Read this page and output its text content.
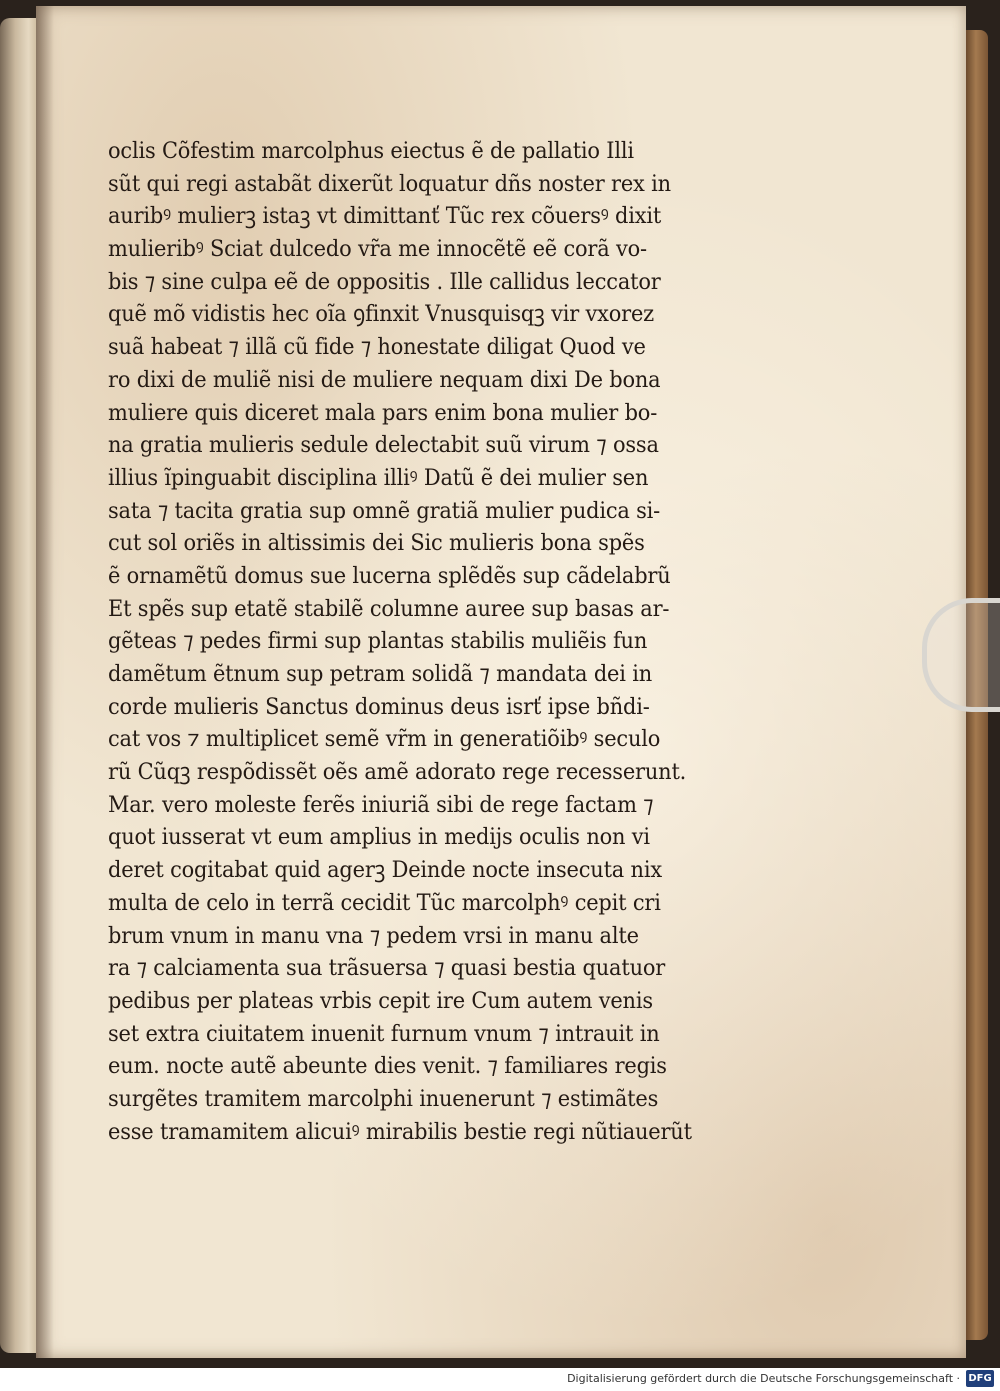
oclis Cõfestim marcolphus eiectus ẽ de pallatio Illi
sũt qui regi astabãt dixerũt loquatur dñs noster rex in
auribꝰ mulierꝫ istaꝫ vt dimittanť Tũc rex cõuersꝰ dixit
mulieribꝰ Sciat dulcedo vr̃a me innocẽtẽ eẽ corã vo-
bis ⁊ sine culpa eẽ de oppositis . Ille callidus leccator
quẽ mõ vidistis hec oĩa ꝯfinxit Vnusquisqꝫ vir vxorez
suã habeat ⁊ illã cũ fide ⁊ honestate diligat Quod ve
ro dixi de muliẽ nisi de muliere nequam dixi De bona
muliere quis diceret mala pars enim bona mulier bo-
na gratia mulieris sedule delectabit suũ virum ⁊ ossa
illius ĩpinguabit disciplina illiꝰ Datũ ẽ dei mulier sen
sata ⁊ tacita gratia sup omnẽ gratiã mulier pudica si-
cut sol oriẽs in altissimis dei Sic mulieris bona spẽs
ẽ ornamẽtũ domus sue lucerna splẽdẽs sup cãdelabrũ
Et spẽs sup etatẽ stabilẽ columne auree sup basas ar-
gẽteas ⁊ pedes firmi sup plantas stabilis muliẽis fun
damẽtum ẽtnum sup petram solidã ⁊ mandata dei in
corde mulieris Sanctus dominus deus isrť ipse bñdi-
cat vos ⁊ multiplicet semẽ vr̃m in generatiõibꝰ seculo
rũ Cũqꝫ respõdissẽt oẽs amẽ adorato rege recesserunt.
Mar. vero moleste ferẽs iniuriã sibi de rege factam ⁊
quot iusserat vt eum amplius in medijs oculis non vi
deret cogitabat quid agerꝫ Deinde nocte insecuta nix
multa de celo in terrã cecidit Tũc marcolphꝰ cepit cri
brum vnum in manu vna ⁊ pedem vrsi in manu alte
ra ⁊ calciamenta sua trãsuersa ⁊ quasi bestia quatuor
pedibus per plateas vrbis cepit ire Cum autem venis
set extra ciuitatem inuenit furnum vnum ⁊ intrauit in
eum. nocte autẽ abeunte dies venit. ⁊ familiares regis
surgẽtes tramitem marcolphi inuenerunt ⁊ estimãtes
esse tramamitem alicuiꝰ mirabilis bestie regi nũtiauerũt
Digitalisierung gefördert durch die Deutsche Forschungsgemeinschaft · DFG
